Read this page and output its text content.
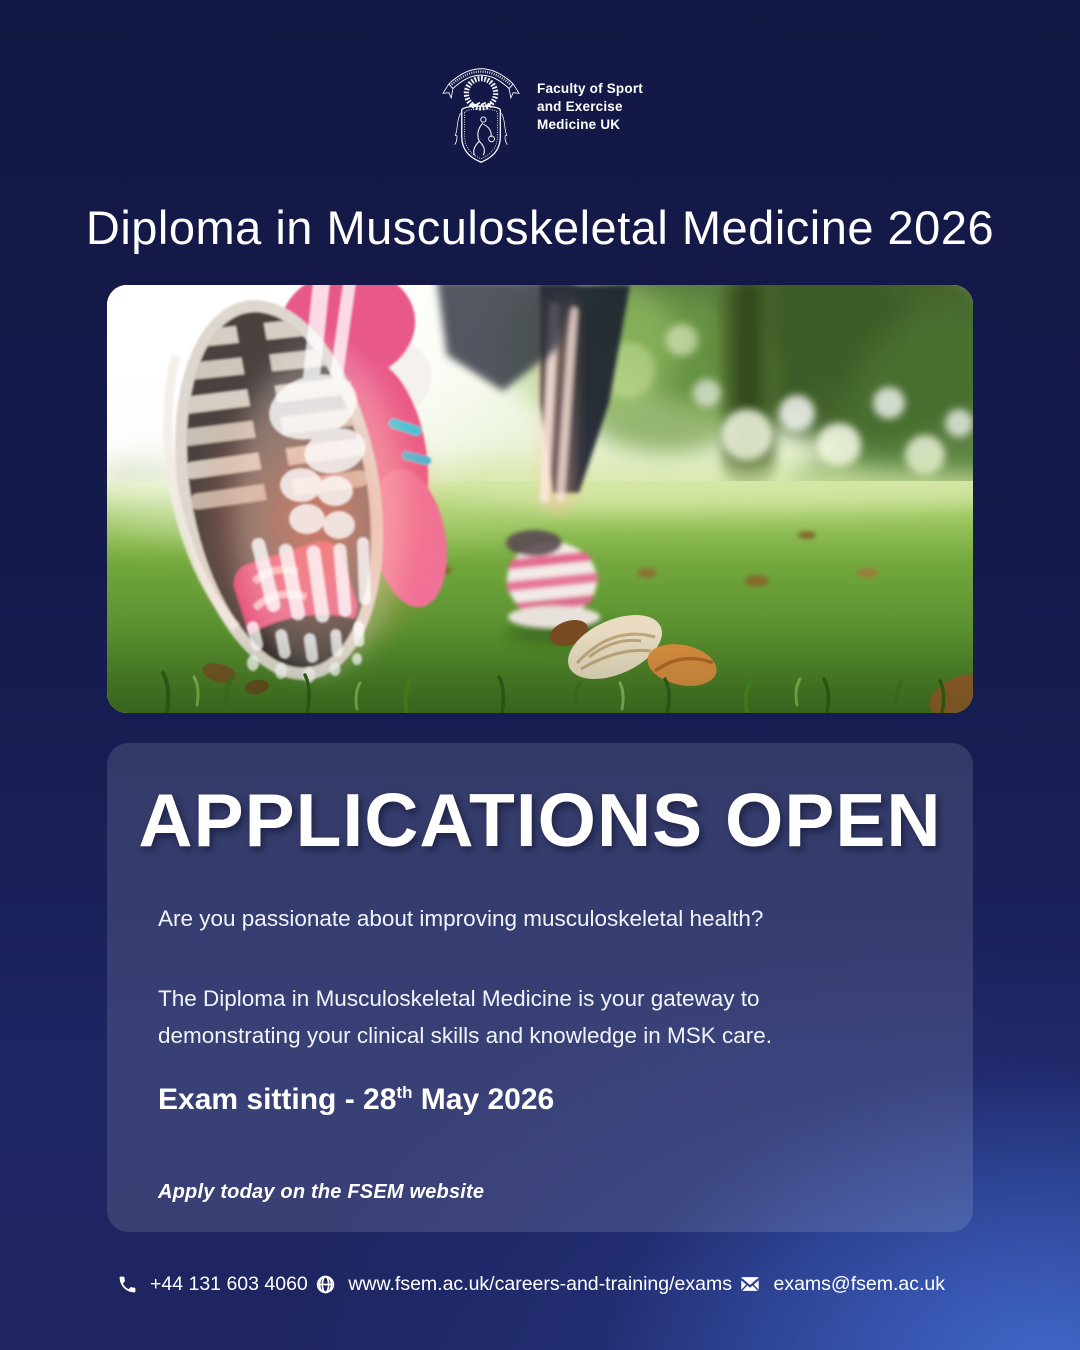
Faculty of Sport
and Exercise
Medicine UK
Diploma in Musculoskeletal Medicine 2026
APPLICATIONS OPEN
Are you passionate about improving musculoskeletal health?
The Diploma in Musculoskeletal Medicine is your gateway to demonstrating your clinical skills and knowledge in MSK care.
Exam sitting - 28th May 2026
Apply today on the FSEM website
+44 131 603 4060 www.fsem.ac.uk/careers-and-training/exams exams@fsem.ac.uk
